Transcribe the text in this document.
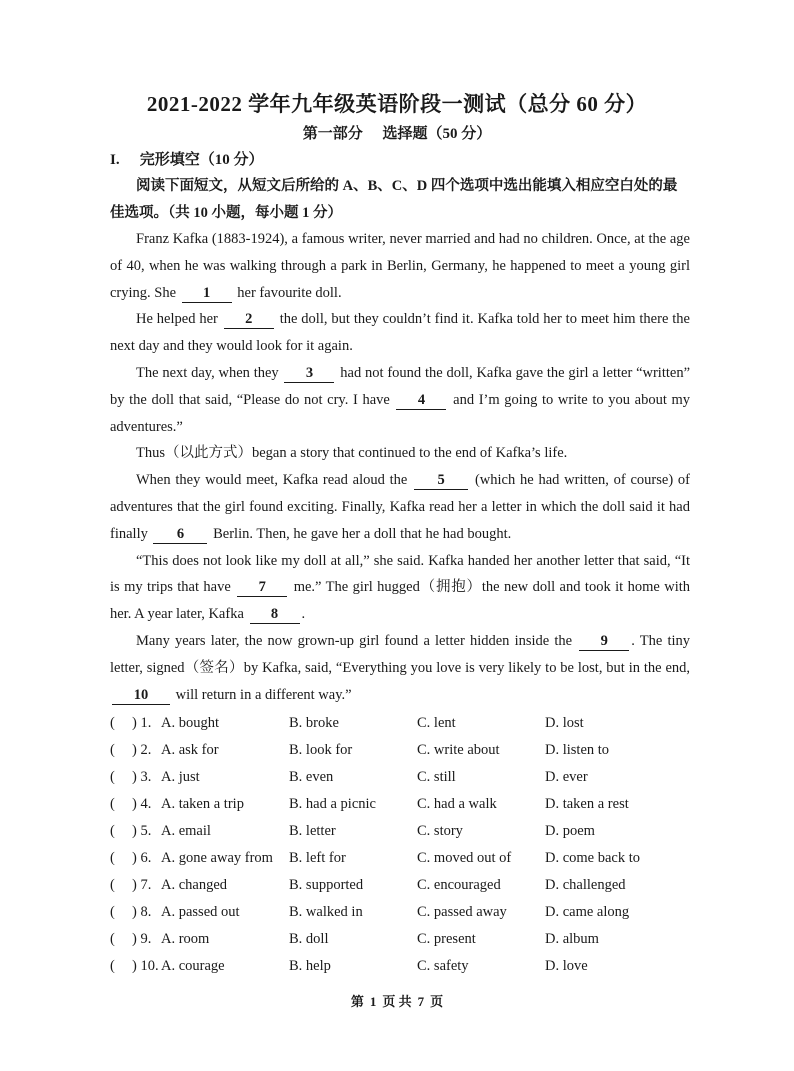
2021-2022 学年九年级英语阶段一测试（总分 60 分）
第一部分 选择题（50 分）
I. 完形填空（10 分）
阅读下面短文，从短文后所给的 A、B、C、D 四个选项中选出能填入相应空白处的最佳选项。（共 10 小题，每小题 1 分）

Franz Kafka (1883-1924), a famous writer, never married and had no children. Once, at the age of 40, when he was walking through a park in Berlin, Germany, he happened to meet a young girl crying. She 1 her favourite doll.

He helped her 2 the doll, but they couldn’t find it. Kafka told her to meet him there the next day and they would look for it again.

The next day, when they 3 had not found the doll, Kafka gave the girl a letter “written” by the doll that said, “Please do not cry. I have 4 and I’m going to write to you about my adventures.”

Thus（以此方式）began a story that continued to the end of Kafka’s life.

When they would meet, Kafka read aloud the 5 (which he had written, of course) of adventures that the girl found exciting. Finally, Kafka read her a letter in which the doll said it had finally 6 Berlin. Then, he gave her a doll that he had bought.

“This does not look like my doll at all,” she said. Kafka handed her another letter that said, “It is my trips that have 7 me.” The girl hugged（拥抱）the new doll and took it home with her. A year later, Kafka 8 .

Many years later, the now grown-up girl found a letter hidden inside the 9 . The tiny letter, signed（签名）by Kafka, said, “Everything you love is very likely to be lost, but in the end, 10 will return in a different way.”

( ) 1. A. bought	B. broke	C. lent	D. lost
( ) 2. A. ask for	B. look for	C. write about	D. listen to
( ) 3. A. just	B. even	C. still	D. ever
( ) 4. A. taken a trip	B. had a picnic	C. had a walk	D. taken a rest
( ) 5. A. email	B. letter	C. story	D. poem
( ) 6. A. gone away from B. left for	C. moved out of D. come back to
( ) 7. A. changed	B. supported	C. encouraged	D. challenged
( ) 8. A. passed out	B. walked in	C. passed away	D. came along
( ) 9. A. room	B. doll	C. present	D. album
( ) 10. A. courage	B. help	C. safety	D. love
第 1 页 共 7 页
